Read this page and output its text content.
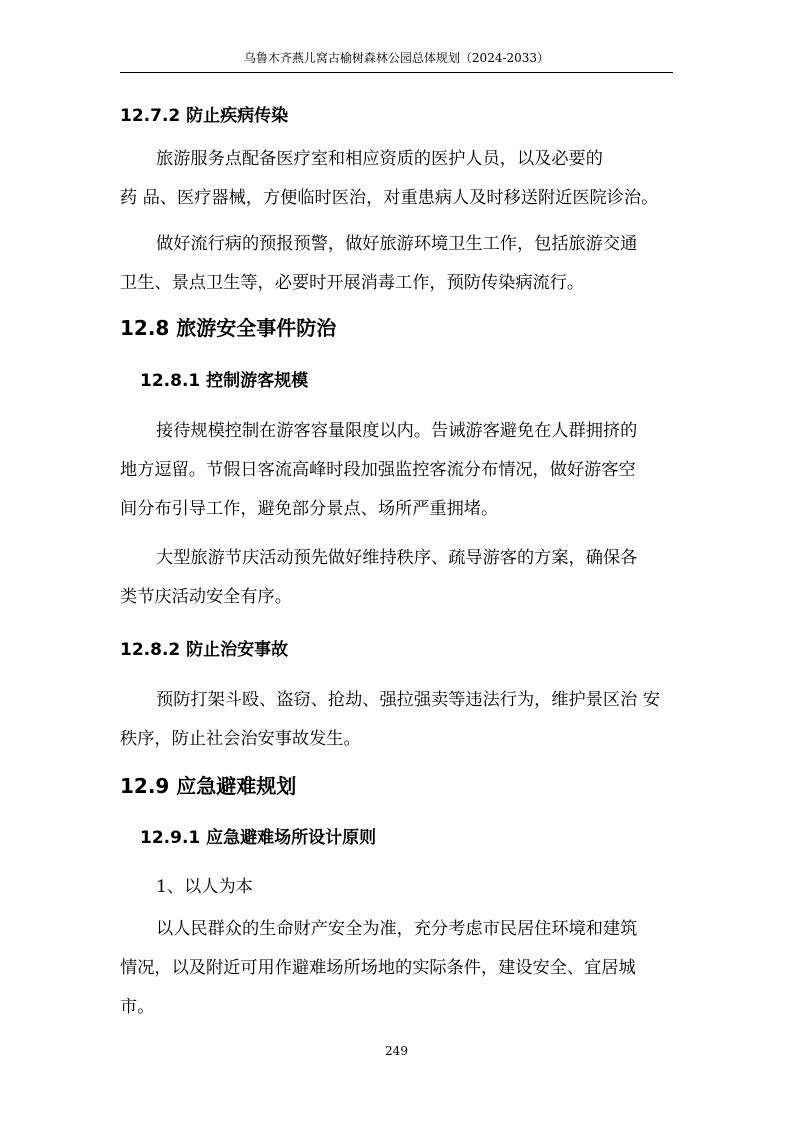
乌鲁木齐燕儿窝古榆树森林公园总体规划（2024-2033）
12.7.2 防止疾病传染
旅游服务点配备医疗室和相应资质的医护人员，以及必要的
药 品、医疗器械，方便临时医治，对重患病人及时移送附近医院诊治。
做好流行病的预报预警，做好旅游环境卫生工作，包括旅游交通
卫生、景点卫生等，必要时开展消毒工作，预防传染病流行。
12.8 旅游安全事件防治
12.8.1 控制游客规模
接待规模控制在游客容量限度以内。告诫游客避免在人群拥挤的
地方逗留。节假日客流高峰时段加强监控客流分布情况，做好游客空
间分布引导工作，避免部分景点、场所严重拥堵。
大型旅游节庆活动预先做好维持秩序、疏导游客的方案，确保各
类节庆活动安全有序。
12.8.2 防止治安事故
预防打架斗殴、盗窃、抢劫、强拉强卖等违法行为，维护景区治 安
秩序，防止社会治安事故发生。
12.9 应急避难规划
12.9.1 应急避难场所设计原则
1、以人为本
以人民群众的生命财产安全为准，充分考虑市民居住环境和建筑
情况，以及附近可用作避难场所场地的实际条件，建设安全、宜居城
市。
249
